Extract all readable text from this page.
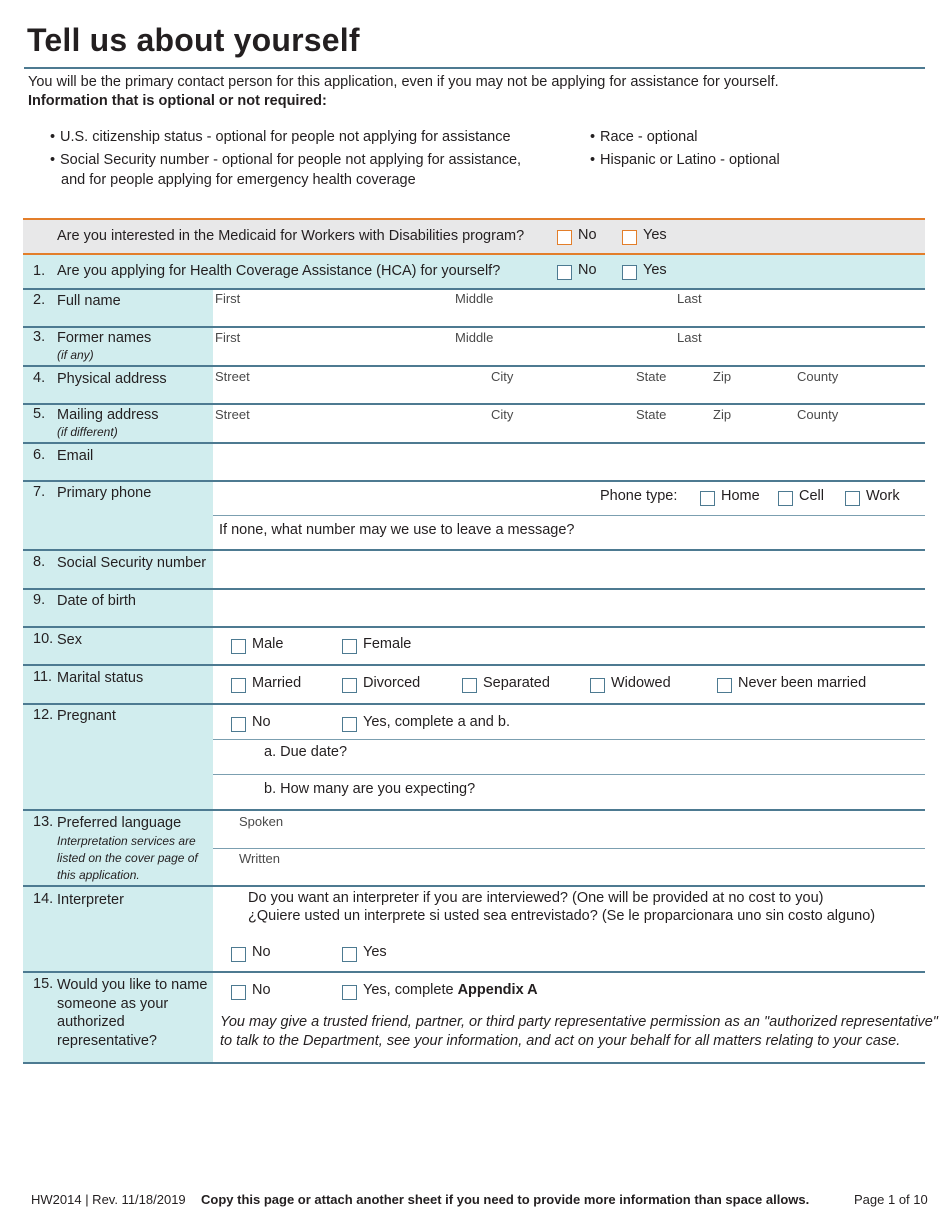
Tell us about yourself
You will be the primary contact person for this application, even if you may not be applying for assistance for yourself.
Information that is optional or not required:
• U.S. citizenship status - optional for people not applying for assistance
• Social Security number - optional for people not applying for assistance,
and for people applying for emergency health coverage
• Race - optional
• Hispanic or Latino - optional
Are you interested in the Medicaid for Workers with Disabilities program?	No	Yes
1. Are you applying for Health Coverage Assistance (HCA) for yourself?	No	Yes
2. Full name	First	Middle	Last
3. Former names
(if any)
First	Middle	Last
4. Physical address	Street	City	State	Zip	County
5. Mailing address
(if different)
Street	City	State	Zip	County
6. Email
7. Primary phone	Phone type:	Home	Cell	Work
If none, what number may we use to leave a message?
8. Social Security number
9. Date of birth
10. Sex	Male	Female
11. Marital status	Married	Divorced	Separated	Widowed	Never been married
12. Pregnant	No	Yes, complete a and b.
a. Due date?
b. How many are you expecting?
13. Preferred language
Interpretation services are
listed on the cover page of
this application.
Spoken
Written
14. Interpreter	Do you want an interpreter if you are interviewed? (One will be provided at no cost to you)
¿Quiere usted un interprete si usted sea entrevistado? (Se le proparcionara uno sin costo alguno)
No	Yes
15. Would you like to name
someone as your
authorized
representative?
No	Yes, complete Appendix A
You may give a trusted friend, partner, or third party representative permission as an "authorized representative"
to talk to the Department, see your information, and act on your behalf for all matters relating to your case.
HW2014 | Rev. 11/18/2019 Copy this page or attach another sheet if you need to provide more information than space allows.	Page 1 of 10
